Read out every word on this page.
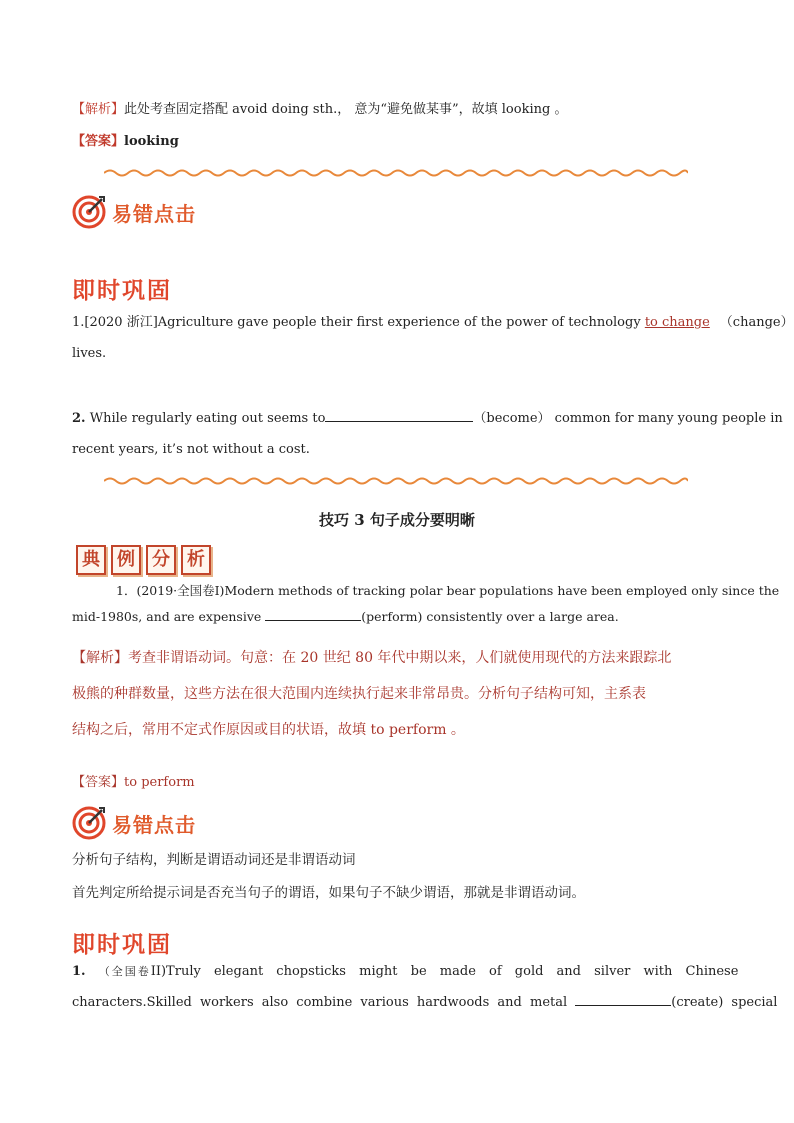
【解析】此处考查固定搭配 avoid doing sth.， 意为“避免做某事”，故填 looking 。
【答案】looking
易错点击
即时巩固
1.[2020 浙江]Agriculture gave people their first experience of the power of technology to change （change）
lives.
2. While regularly eating out seems to	（become） common for many young people in
recent years, it’s not without a cost.
技巧 3 句子成分要明晰
典 例 分 析
1．(2019·全国卷Ⅰ)Modern methods of tracking polar bear populations have been employed only since the
mid-1980s, and are expensive	(perform) consistently over a large area.
【解析】考查非谓语动词。句意：在 20 世纪 80 年代中期以来，人们就使用现代的方法来跟踪北
极熊的种群数量，这些方法在很大范围内连续执行起来非常昂贵。分析句子结构可知，主系表
结构之后，常用不定式作原因或目的状语，故填 to perform 。
【答案】to perform
易错点击
分析句子结构，判断是谓语动词还是非谓语动词
首先判定所给提示词是否充当句子的谓语，如果句子不缺少谓语，那就是非谓语动词。
即时巩固
1. （全国卷II)Truly elegant chopsticks might be made of gold and silver with Chinese
characters.Skilled workers also combine various hardwoods and metal	(create) special
